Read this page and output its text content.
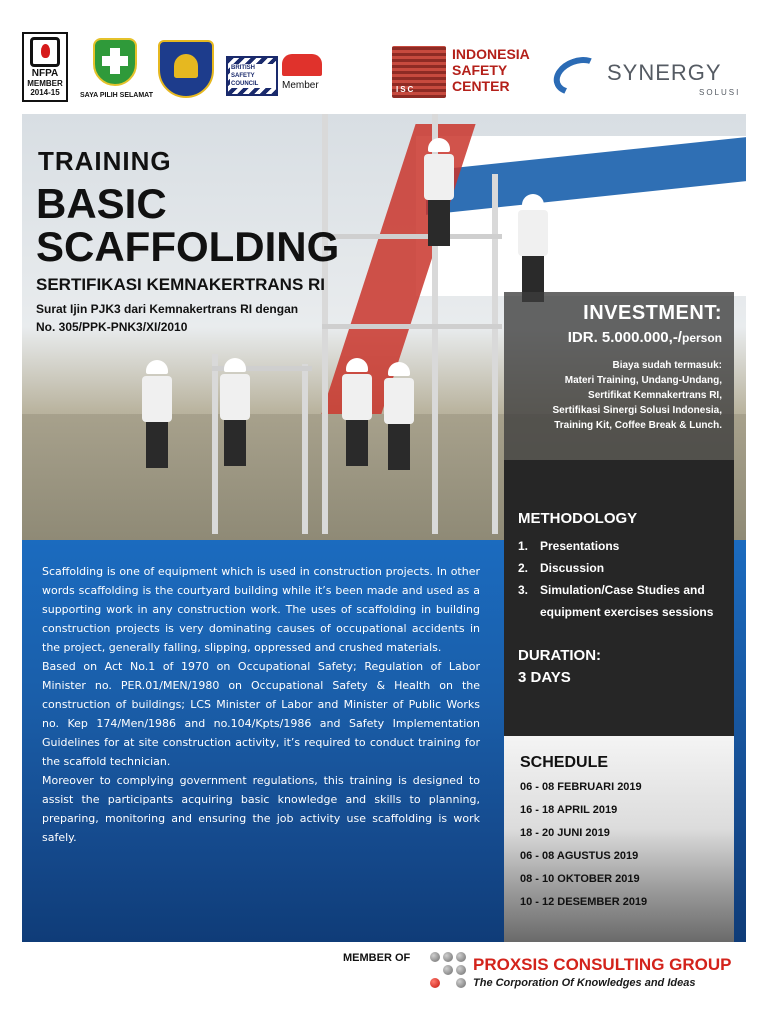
NFPA
MEMBER
2014-15	SAYA PILIH SELAMAT
BRITISH SAFETY COUNCIL	Member	ISC
INDONESIA
SAFETY
CENTER
SYNERGY
SOLUSI
TRAINING
BASIC
SCAFFOLDING
SERTIFIKASI KEMNAKERTRANS RI
Surat Ijin PJK3 dari Kemnakertrans RI dengan
No. 305/PPK-PNK3/XI/2010
INVESTMENT:
IDR. 5.000.000,-/person
Biaya sudah termasuk:
Materi Training, Undang-Undang,
Sertifikat Kemnakertrans RI,
Sertifikasi Sinergi Solusi Indonesia,
Training Kit, Coffee Break & Lunch.

Scaffolding is one of equipment which is used in construction projects. In other words scaffolding is the courtyard building while it’s been made and used as a supporting work in any construction work. The uses of scaffolding in building construction projects is very dominating causes of occupational accidents in the project, generally falling, slipping, oppressed and crushed materials.

Based on Act No.1 of 1970 on Occupational Safety; Regulation of Labor Minister no. PER.01/MEN/1980 on Occupational Safety & Health on the construction of buildings; LCS Minister of Labor and Minister of Public Works no. Kep 174/Men/1986 and no.104/Kpts/1986 and Safety Implementation Guidelines for at site construction activity, it’s required to conduct training for the scaffold technician.

Moreover to complying government regulations, this training is designed to assist the participants acquiring basic knowledge and skills to planning, preparing, monitoring and ensuring the job activity use scaffolding is work safely.

METHODOLOGY
1. Presentations
2. Discussion
3. Simulation/Case Studies and equipment exercises sessions
DURATION:
3 DAYS
SCHEDULE
06 - 08 FEBRUARI 2019
16 - 18 APRIL 2019
18 - 20 JUNI 2019
06 - 08 AGUSTUS 2019
08 - 10 OKTOBER 2019
10 - 12 DESEMBER 2019
MEMBER OF	PROXSIS CONSULTING GROUP
The Corporation Of Knowledges and Ideas
